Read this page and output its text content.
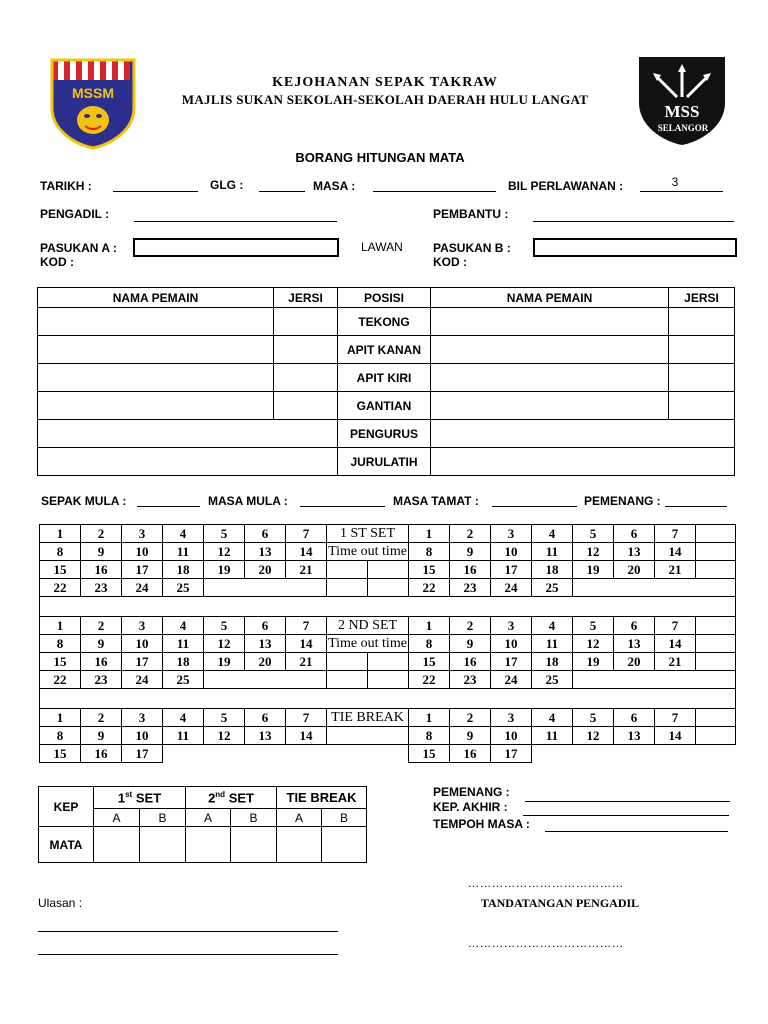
MSSM
MSS
SELANGOR
KEJOHANAN SEPAK TAKRAW
MAJLIS SUKAN SEKOLAH-SEKOLAH DAERAH HULU LANGAT
BORANG HITUNGAN MATA
TARIKH :	GLG :	MASA :	BIL PERLAWANAN :	3
PENGADIL :	PEMBANTU :
PASUKAN A :
KOD :
LAWAN	PASUKAN B :
KOD :
NAMA PEMAIN	JERSI	POSISI	NAMA PEMAIN	JERSI
		TEKONG		
		APIT KANAN		
		APIT KIRI		
		GANTIAN		
		PENGURUS		
		JURULATIH		
SEPAK MULA :	MASA MULA :	MASA TAMAT :	PEMENANG :
1	2	3	4	5	6	7	1 ST SET		1	2	3	4	5	6	7	
8	9	10	11	12	13	14	Time out time		8	9	10	11	12	13	14	
15	16	17	18	19	20	21			15	16	17	18	19	20	21	
22	23	24	25						22	23	24	25				

1	2	3	4	5	6	7	2 ND SET		1	2	3	4	5	6	7	
8	9	10	11	12	13	14	Time out time		8	9	10	11	12	13	14	
15	16	17	18	19	20	21			15	16	17	18	19	20	21	
22	23	24	25						22	23	24	25				

1	2	3	4	5	6	7	TIE BREAK		1	2	3	4	5	6	7	
8	9	10	11	12	13	14			8	9	10	11	12	13	14	
15	16	17							15	16	17					
KEP	1st SET		2nd SET		TIE BREAK	
	A	B	A	B	A	B
MATA						
PEMENANG :
KEP. AKHIR :
TEMPOH MASA :
…………………………………
TANDATANGAN PENGADIL
…………………………………
Ulasan :
